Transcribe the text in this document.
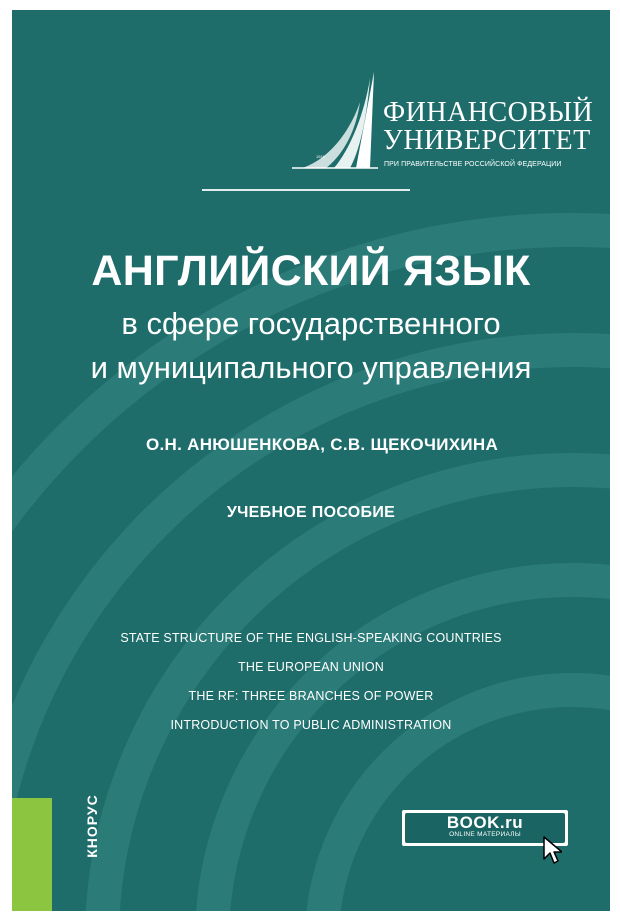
1919
ФИНАНСОВЫЙ
УНИВЕРСИТЕТ
ПРИ ПРАВИТЕЛЬСТВЕ РОССИЙСКОЙ ФЕДЕРАЦИИ
АНГЛИЙСКИЙ ЯЗЫК
в сфере государственного
и муниципального управления
О.Н. АНЮШЕНКОВА, С.В. ЩЕКОЧИХИНА
УЧЕБНОЕ ПОСОБИЕ
STATE STRUCTURE OF THE ENGLISH-SPEAKING COUNTRIES
THE EUROPEAN UNION
THE RF: THREE BRANCHES OF POWER
INTRODUCTION TO PUBLIC ADMINISTRATION
КНОРУС	BOOK.ru
ONLINE МАТЕРИАЛЫ
